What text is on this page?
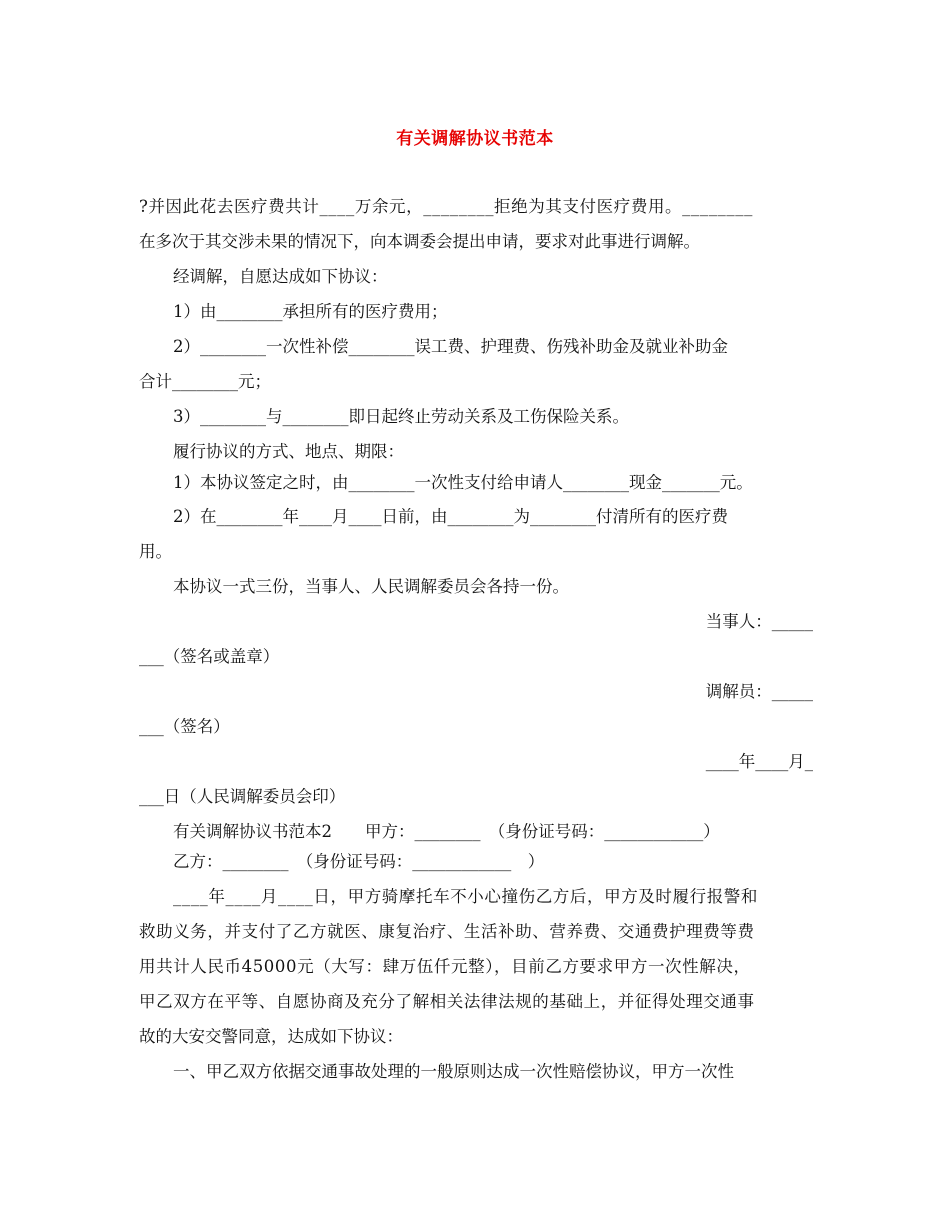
有关调解协议书范本
?并因此花去医疗费共计____万余元，________拒绝为其支付医疗费用。________
在多次于其交涉未果的情况下，向本调委会提出申请，要求对此事进行调解。
经调解，自愿达成如下协议：
1）由________承担所有的医疗费用；
2）________一次性补偿________误工费、护理费、伤残补助金及就业补助金
合计________元；
3）________与________即日起终止劳动关系及工伤保险关系。
履行协议的方式、地点、期限：
1）本协议签定之时，由________一次性支付给申请人________现金_______元。
2）在________年____月____日前，由________为________付清所有的医疗费
用。
本协议一式三份，当事人、人民调解委员会各持一份。
当事人：_____
___（签名或盖章）
调解员：_____
___（签名）
____年____月_
___日（人民调解委员会印）
有关调解协议书范本2　　甲方：________　（身份证号码：____________）
乙方：________　（身份证号码：____________　）
____年____月____日，甲方骑摩托车不小心撞伤乙方后，甲方及时履行报警和
救助义务，并支付了乙方就医、康复治疗、生活补助、营养费、交通费护理费等费
用共计人民币45000元（大写：肆万伍仟元整），目前乙方要求甲方一次性解决，
甲乙双方在平等、自愿协商及充分了解相关法律法规的基础上，并征得处理交通事
故的大安交警同意，达成如下协议：
一、甲乙双方依据交通事故处理的一般原则达成一次性赔偿协议，甲方一次性
